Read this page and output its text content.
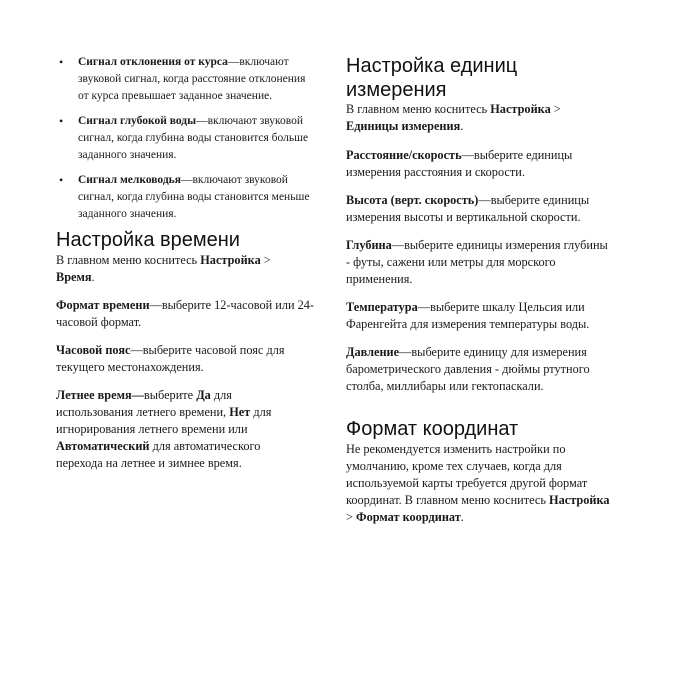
• Сигнал отклонения от курса—включают звуковой сигнал, когда расстояние отклонения от курса превышает заданное значение.
• Сигнал глубокой воды—включают звуковой сигнал, когда глубина воды становится больше заданного значения.
• Сигнал мелководья—включают звуковой сигнал, когда глубина воды становится меньше заданного значения.
Настройка времени

В главном меню коснитесь Настройка > Время.

Формат времени—выберите 12-часовой или 24-часовой формат.

Часовой пояс—выберите часовой пояс для текущего местонахождения.

Летнее время—выберите Да для использования летнего времени, Нет для игнорирования летнего времени или Автоматический для автоматического перехода на летнее и зимнее время.

Настройка единиц
измерения

В главном меню коснитесь Настройка > Единицы измерения.

Расстояние/скорость—выберите единицы измерения расстояния и скорости.

Высота (верт. скорость)—выберите единицы измерения высоты и вертикальной скорости.

Глубина—выберите единицы измерения глубины - футы, сажени или метры для морского применения.

Температура—выберите шкалу Цельсия или Фаренгейта для измерения температуры воды.

Давление—выберите единицу для измерения барометрического давления - дюймы ртутного столба, миллибары или гектопаскали.

Формат координат

Не рекомендуется изменить настройки по умолчанию, кроме тех случаев, когда для используемой карты требуется другой формат координат. В главном меню коснитесь Настройка > Формат координат.
